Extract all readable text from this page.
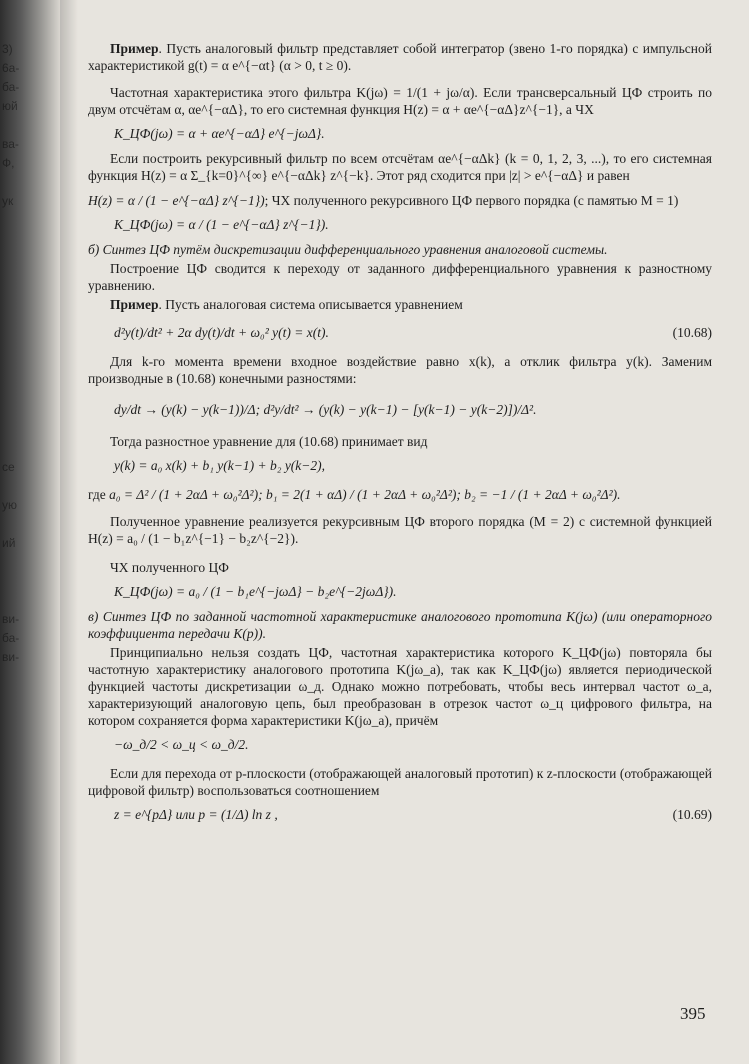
3)
6a-
ба-
юй
ва-
Ф,
ук
се
ую
ий
ви-
ба-
ви-

Пример. Пусть аналоговый фильтр представляет собой интегратор (звено 1-го порядка) с импульсной характеристикой g(t) = α e^{−αt} (α > 0, t ≥ 0).

Частотная характеристика этого фильтра K(jω) = 1/(1 + jω/α). Если трансверсальный ЦФ строить по двум отсчётам α, αe^{−αΔ}, то его системная функция H(z) = α + αe^{−αΔ}z^{−1}, а ЧХ

K_ЦФ(jω) = α + αe^{−αΔ} e^{−jωΔ}.

Если построить рекурсивный фильтр по всем отсчётам αe^{−αΔk} (k = 0, 1, 2, 3, ...), то его системная функция H(z) = α Σ_{k=0}^{∞} e^{−αΔk} z^{−k}. Этот ряд сходится при |z| > e^{−αΔ} и равен

H(z) = α / (1 − e^{−αΔ} z^{−1}); ЧХ полученного рекурсивного ЦФ первого порядка (с памятью M = 1)

K_ЦФ(jω) = α / (1 − e^{−αΔ} z^{−1}).

б) Синтез ЦФ путём дискретизации дифференциального уравнения аналоговой системы.

Построение ЦФ сводится к переходу от заданного дифференциального уравнения к разностному уравнению.

Пример. Пусть аналоговая система описывается уравнением

d²y(t)/dt² + 2α dy(t)/dt + ω₀² y(t) = x(t).	(10.68)

Для k-го момента времени входное воздействие равно x(k), а отклик фильтра y(k). Заменим производные в (10.68) конечными разностями:

dy/dt → (y(k) − y(k−1))/Δ; d²y/dt² → (y(k) − y(k−1) − [y(k−1) − y(k−2)])/Δ².

Тогда разностное уравнение для (10.68) принимает вид

y(k) = a₀ x(k) + b₁ y(k−1) + b₂ y(k−2),

где a₀ = Δ² / (1 + 2αΔ + ω₀²Δ²); b₁ = 2(1 + αΔ) / (1 + 2αΔ + ω₀²Δ²); b₂ = −1 / (1 + 2αΔ + ω₀²Δ²).

Полученное уравнение реализуется рекурсивным ЦФ второго порядка (M = 2) с системной функцией H(z) = a₀ / (1 − b₁z^{−1} − b₂z^{−2}).

ЧХ полученного ЦФ

K_ЦФ(jω) = a₀ / (1 − b₁e^{−jωΔ} − b₂e^{−2jωΔ}).

в) Синтез ЦФ по заданной частотной характеристике аналогового прототипа K(jω) (или операторного коэффициента передачи K(p)).

Принципиально нельзя создать ЦФ, частотная характеристика которого K_ЦФ(jω) повторяла бы частотную характеристику аналогового прототипа K(jω_a), так как K_ЦФ(jω) является периодической функцией частоты дискретизации ω_д. Однако можно потребовать, чтобы весь интервал частот ω_a, характеризующий аналоговую цепь, был преобразован в отрезок частот ω_ц цифрового фильтра, на котором сохраняется форма характеристики K(jω_a), причём

−ω_д/2 < ω_ц < ω_д/2.

Если для перехода от p-плоскости (отображающей аналоговый прототип) к z-плоскости (отображающей цифровой фильтр) воспользоваться соотношением

z = e^{pΔ} или p = (1/Δ) ln z ,	(10.69)
395
